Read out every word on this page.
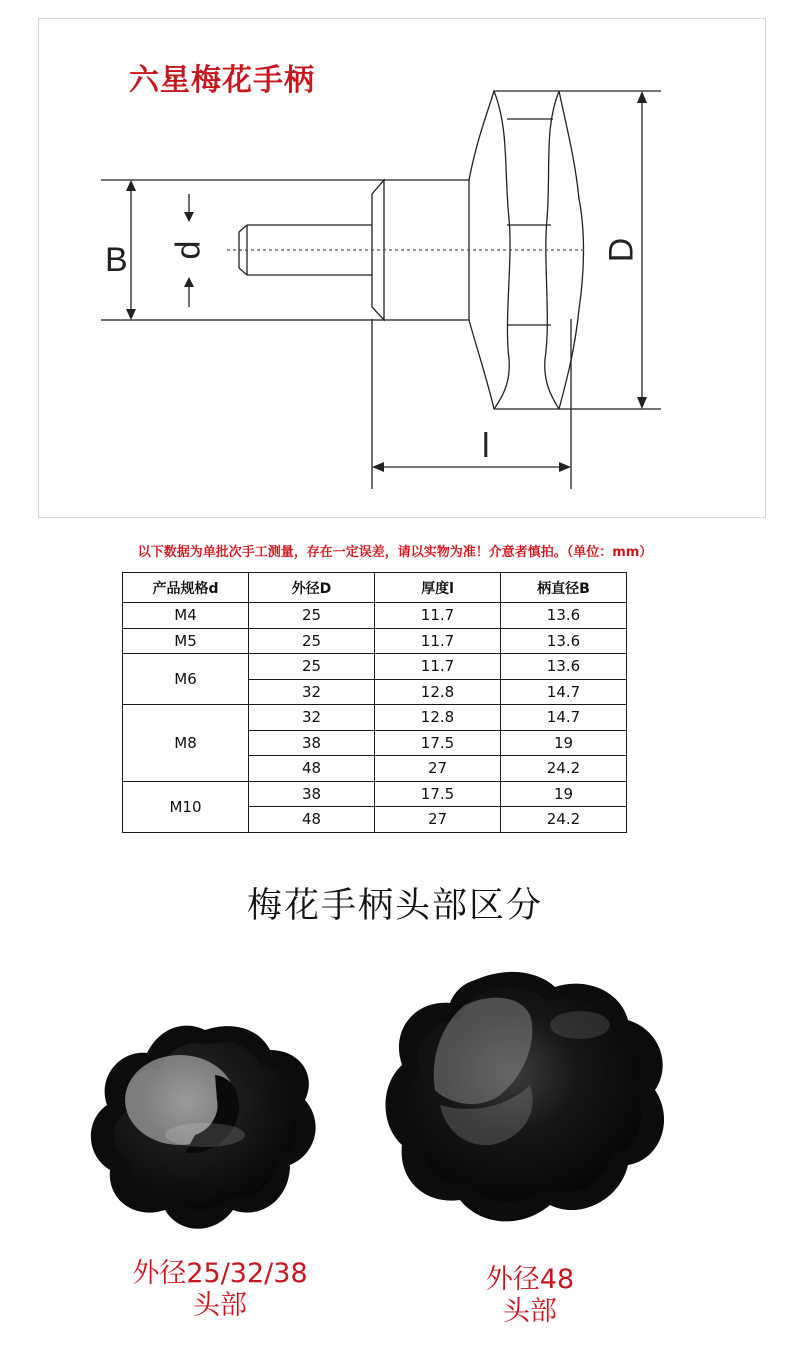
六星梅花手柄
B d	D
l
以下数据为单批次手工测量，存在一定误差，请以实物为准！介意者慎拍。（单位：mm）
产品规格d	外径D	厚度l	柄直径B
M4	25	11.7	13.6
M5	25	11.7	13.6
M6	25	11.7	13.6
	32	12.8	14.7
M8	32	12.8	14.7
	38	17.5	19
	48	27	24.2
M10	38	17.5	19
	48	27	24.2
梅花手柄头部区分
外径25/32/38
头部
外径48
头部
